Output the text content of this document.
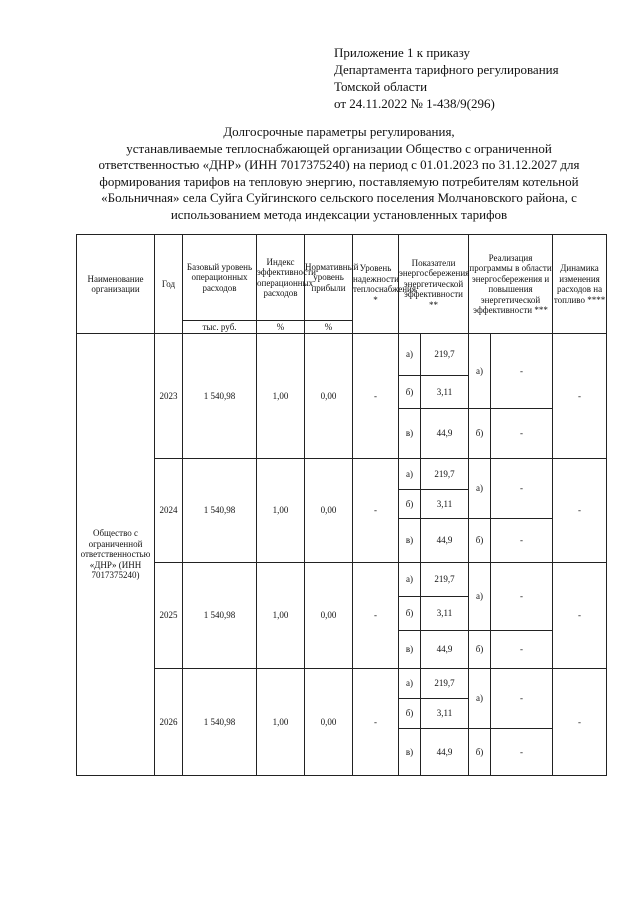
Приложение 1 к приказу
Департамента тарифного регулирования
Томской области
от 24.11.2022 № 1-438/9(296)
Долгосрочные параметры регулирования,
устанавливаемые теплоснабжающей организации Общество с ограниченной
ответственностью «ДНР» (ИНН 7017375240) на период с 01.01.2023 по 31.12.2027 для
формирования тарифов на тепловую энергию, поставляемую потребителям котельной
«Больничная» села Суйга Суйгинского сельского поселения Молчановского района, с
использованием метода индексации установленных тарифов
Наименование организации	Год	Базовый уровень операционных расходов	Индекс эффективности операционных расходов	Нормативный уровень прибыли	Уровень надежности теплоснабжения *	Показатели энергосбережения энергетической эффективности **		Реализация программы в области энергосбережения и повышения энергетической эффективности ***		Динамика изменения расходов на топливо ****
		тыс. руб.	%	%						
Общество с ограниченной ответственностью «ДНР» (ИНН 7017375240)	2023	1 540,98	1,00	0,00	-	а)	219,7	а)	-	-
						б)	3,11			
						в)	44,9	б)	-	
	2024	1 540,98	1,00	0,00	-	а)	219,7	а)	-	-
						б)	3,11			
						в)	44,9	б)	-	
	2025	1 540,98	1,00	0,00	-	а)	219,7	а)	-	-
						б)	3,11			
						в)	44,9	б)	-	
	2026	1 540,98	1,00	0,00	-	а)	219,7	а)	-	-
						б)	3,11			
						в)	44,9	б)	-	
